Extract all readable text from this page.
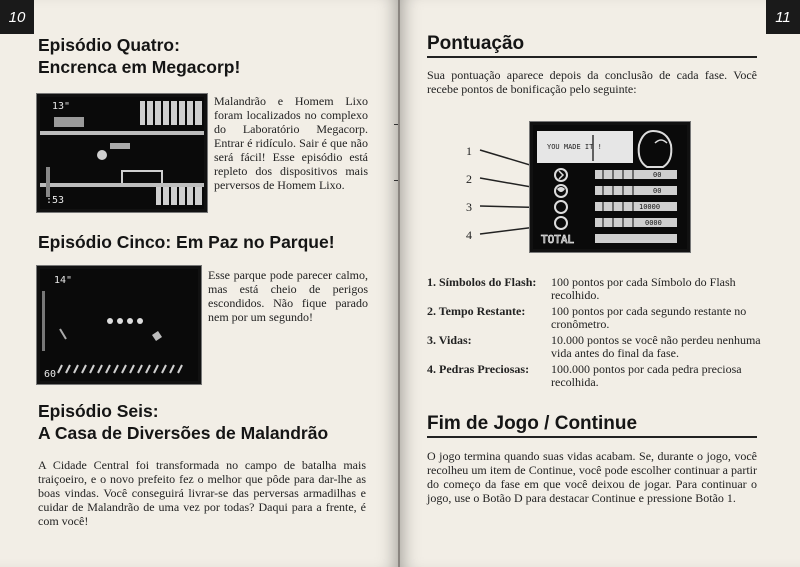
10
Episódio Quatro:
Encrenca em Megacorp!
13"
:53

Malandrão e Homem Lixo foram localizados no complexo do Laboratório Megacorp. Entrar é ridículo. Sair é que não será fácil! Esse episódio está repleto dos dispositivos mais perversos de Homem Lixo.

Episódio Cinco: Em Paz no Parque!
14"
60

Esse parque pode parecer calmo, mas está cheio de perigos escondidos. Não fique parado nem por um segundo!

Episódio Seis:
A Casa de Diversões de Malandrão

A Cidade Central foi transformada no campo de batalha mais traiçoeiro, e o novo prefeito fez o melhor que pôde para dar-lhe as boas vindas. Você conseguirá livrar-se das perversas armadilhas e cuidar de Malandrão de uma vez por todas? Daqui para a frente, é com você!

11
Pontuação

Sua pontuação aparece depois da conclusão de cada fase. Você recebe pontos de bonificação pelo seguinte:

1
2
3
4
YOU MADE IT !
00
00
10000
0000
TOTAL
1. Símbolos do Flash:	100 pontos por cada Símbolo do Flash recolhido.
2. Tempo Restante:	100 pontos por cada segundo restante no cronômetro.
3. Vidas:	10.000 pontos se você não perdeu nenhuma vida antes do final da fase.
4. Pedras Preciosas:	100.000 pontos por cada pedra preciosa recolhida.
Fim de Jogo / Continue

O jogo termina quando suas vidas acabam. Se, durante o jogo, você recolheu um item de Continue, você pode escolher continuar a partir do começo da fase em que você deixou de jogar. Para continuar o jogo, use o Botão D para destacar Continue e pressione Botão 1.
